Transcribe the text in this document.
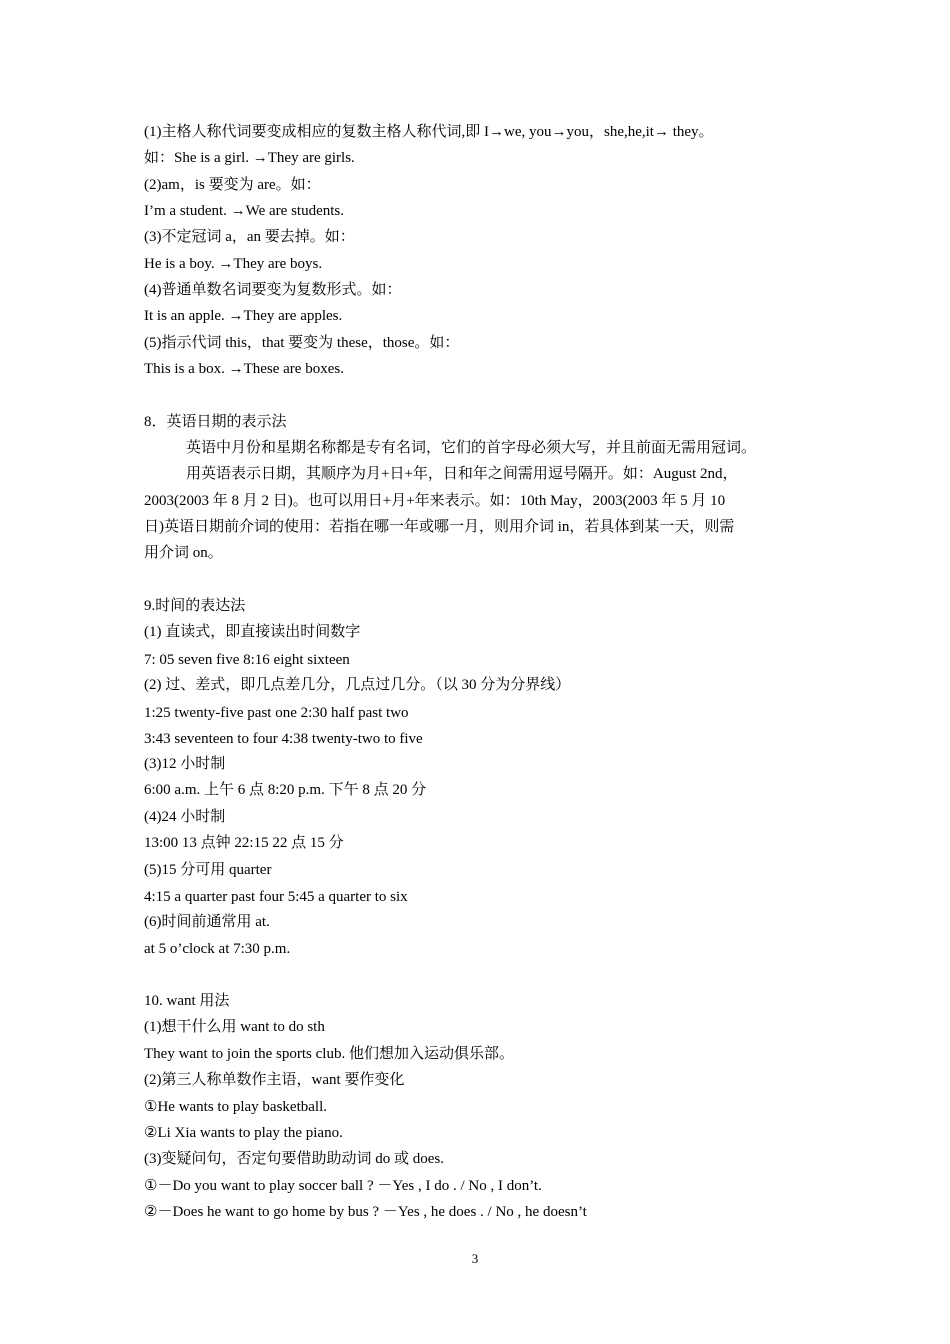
(1)主格人称代词要变成相应的复数主格人称代词,即 I→we, you→you，she,he,it→ they。
如：She is a girl. →They are girls.
(2)am，is 要变为 are。如：
I’m a student. →We are students.
(3)不定冠词 a，an 要去掉。如：
He is a boy. →They are boys.
(4)普通单数名词要变为复数形式。如：
It is an apple. →They are apples.
(5)指示代词 this，that 要变为 these，those。如：
This is a box. →These are boxes.
8．英语日期的表示法
英语中月份和星期名称都是专有名词，它们的首字母必须大写，并且前面无需用冠词。
用英语表示日期，其顺序为月+日+年，日和年之间需用逗号隔开。如：August 2nd，
2003(2003 年 8 月 2 日)。也可以用日+月+年来表示。如：10th May，2003(2003 年 5 月 10
日)英语日期前介词的使用：若指在哪一年或哪一月，则用介词 in，若具体到某一天，则需
用介词 on。
9.时间的表达法
(1) 直读式，即直接读出时间数字
7: 05 seven five 8:16 eight sixteen
(2) 过、差式，即几点差几分，几点过几分。（以 30 分为分界线）
1:25 twenty-five past one 2:30 half past two
3:43 seventeen to four 4:38 twenty-two to five
(3)12 小时制
6:00 a.m. 上午 6 点 8:20 p.m. 下午 8 点 20 分
(4)24 小时制
13:00 13 点钟 22:15 22 点 15 分
(5)15 分可用 quarter
4:15 a quarter past four 5:45 a quarter to six
(6)时间前通常用 at.
at 5 o’clock at 7:30 p.m.
10. want 用法
(1)想干什么用 want to do sth
They want to join the sports club. 他们想加入运动俱乐部。
(2)第三人称单数作主语，want 要作变化
①He wants to play basketball.
②Li Xia wants to play the piano.
(3)变疑问句，否定句要借助助动词 do 或 does.
①－Do you want to play soccer ball ? －Yes , I do . / No , I don’t.
②－Does he want to go home by bus ? －Yes , he does . / No , he doesn’t
3
